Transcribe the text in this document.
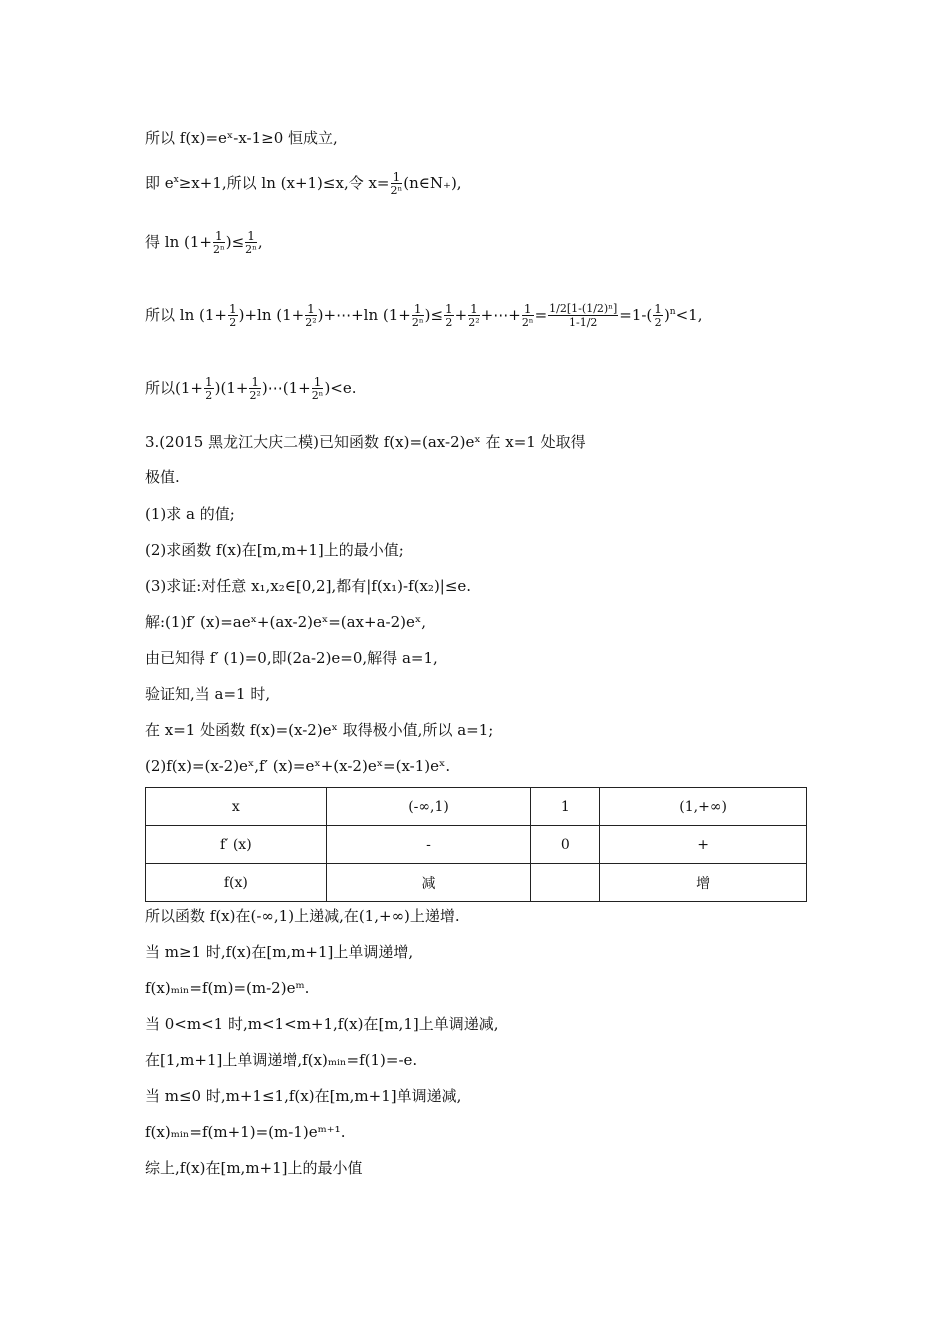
所以 f(x)=eˣ-x-1≥0 恒成立,
即 $e^x\ge x+1$,所以 ln (x+1)≤x,令 $x= \frac{1}{\text{2ⁿ}}$ (n∈N₊),
得 $\ln (1+ \frac{1}{\text{2ⁿ}}$ )≤ $\frac{1}{\text{2ⁿ}}$ ,
所以 $\ln (1+ \frac{1}{2} )+\ln$ ($1+ \frac{1}{\text{2²}}$ )+⋯+ln ($1+ \frac{1}{\text{2ⁿ}}$ )≤ $\frac{1}{2} + \frac{1}{\text{2²}}$ +⋯+ $\frac{1}{\text{2ⁿ}} = \frac{\text{1/2[1-(1/2)ⁿ]}}{1-1/2} =1-( \frac{1}{2} )^n<1$,
所以$(1+ \frac{1}{2} )(1+ \frac{1}{\text{2²}}$ )⋯(1+ $\frac{1}{\text{2ⁿ}} )<e$.
3.(2015 黑龙江大庆二模)已知函数 f(x)=(ax-2)eˣ 在 x=1 处取得
极值.
(1)求 a 的值;
(2)求函数 f(x)在[m,m+1]上的最小值;
(3)求证:对任意 x₁,x₂∈[0,2],都有|f(x₁)-f(x₂)|≤e.
解:(1)f′ (x)=aeˣ+(ax-2)eˣ=(ax+a-2)eˣ,
由已知得 f′ (1)=0,即(2a-2)e=0,解得 a=1,
验证知,当 a=1 时,
在 x=1 处函数 f(x)=(x-2)eˣ 取得极小值,所以 a=1;
(2)f(x)=(x-2)eˣ,f′ (x)=eˣ+(x-2)eˣ=(x-1)eˣ.
x	(-∞,1)	1	(1,+∞)
f′ (x)	-	0	+
f(x)	减		增
所以函数 f(x)在(-∞,1)上递减,在(1,+∞)上递增.
当 m≥1 时,f(x)在[m,m+1]上单调递增,
f(x)ₘᵢₙ=f(m)=(m-2)eᵐ.
当 0<m<1 时,m<1<m+1,f(x)在[m,1]上单调递减,
在[1,m+1]上单调递增,f(x)ₘᵢₙ=f(1)=-e.
当 m≤0 时,m+1≤1,f(x)在[m,m+1]单调递减,
f(x)ₘᵢₙ=f(m+1)=(m-1)eᵐ⁺¹.
综上,f(x)在[m,m+1]上的最小值
